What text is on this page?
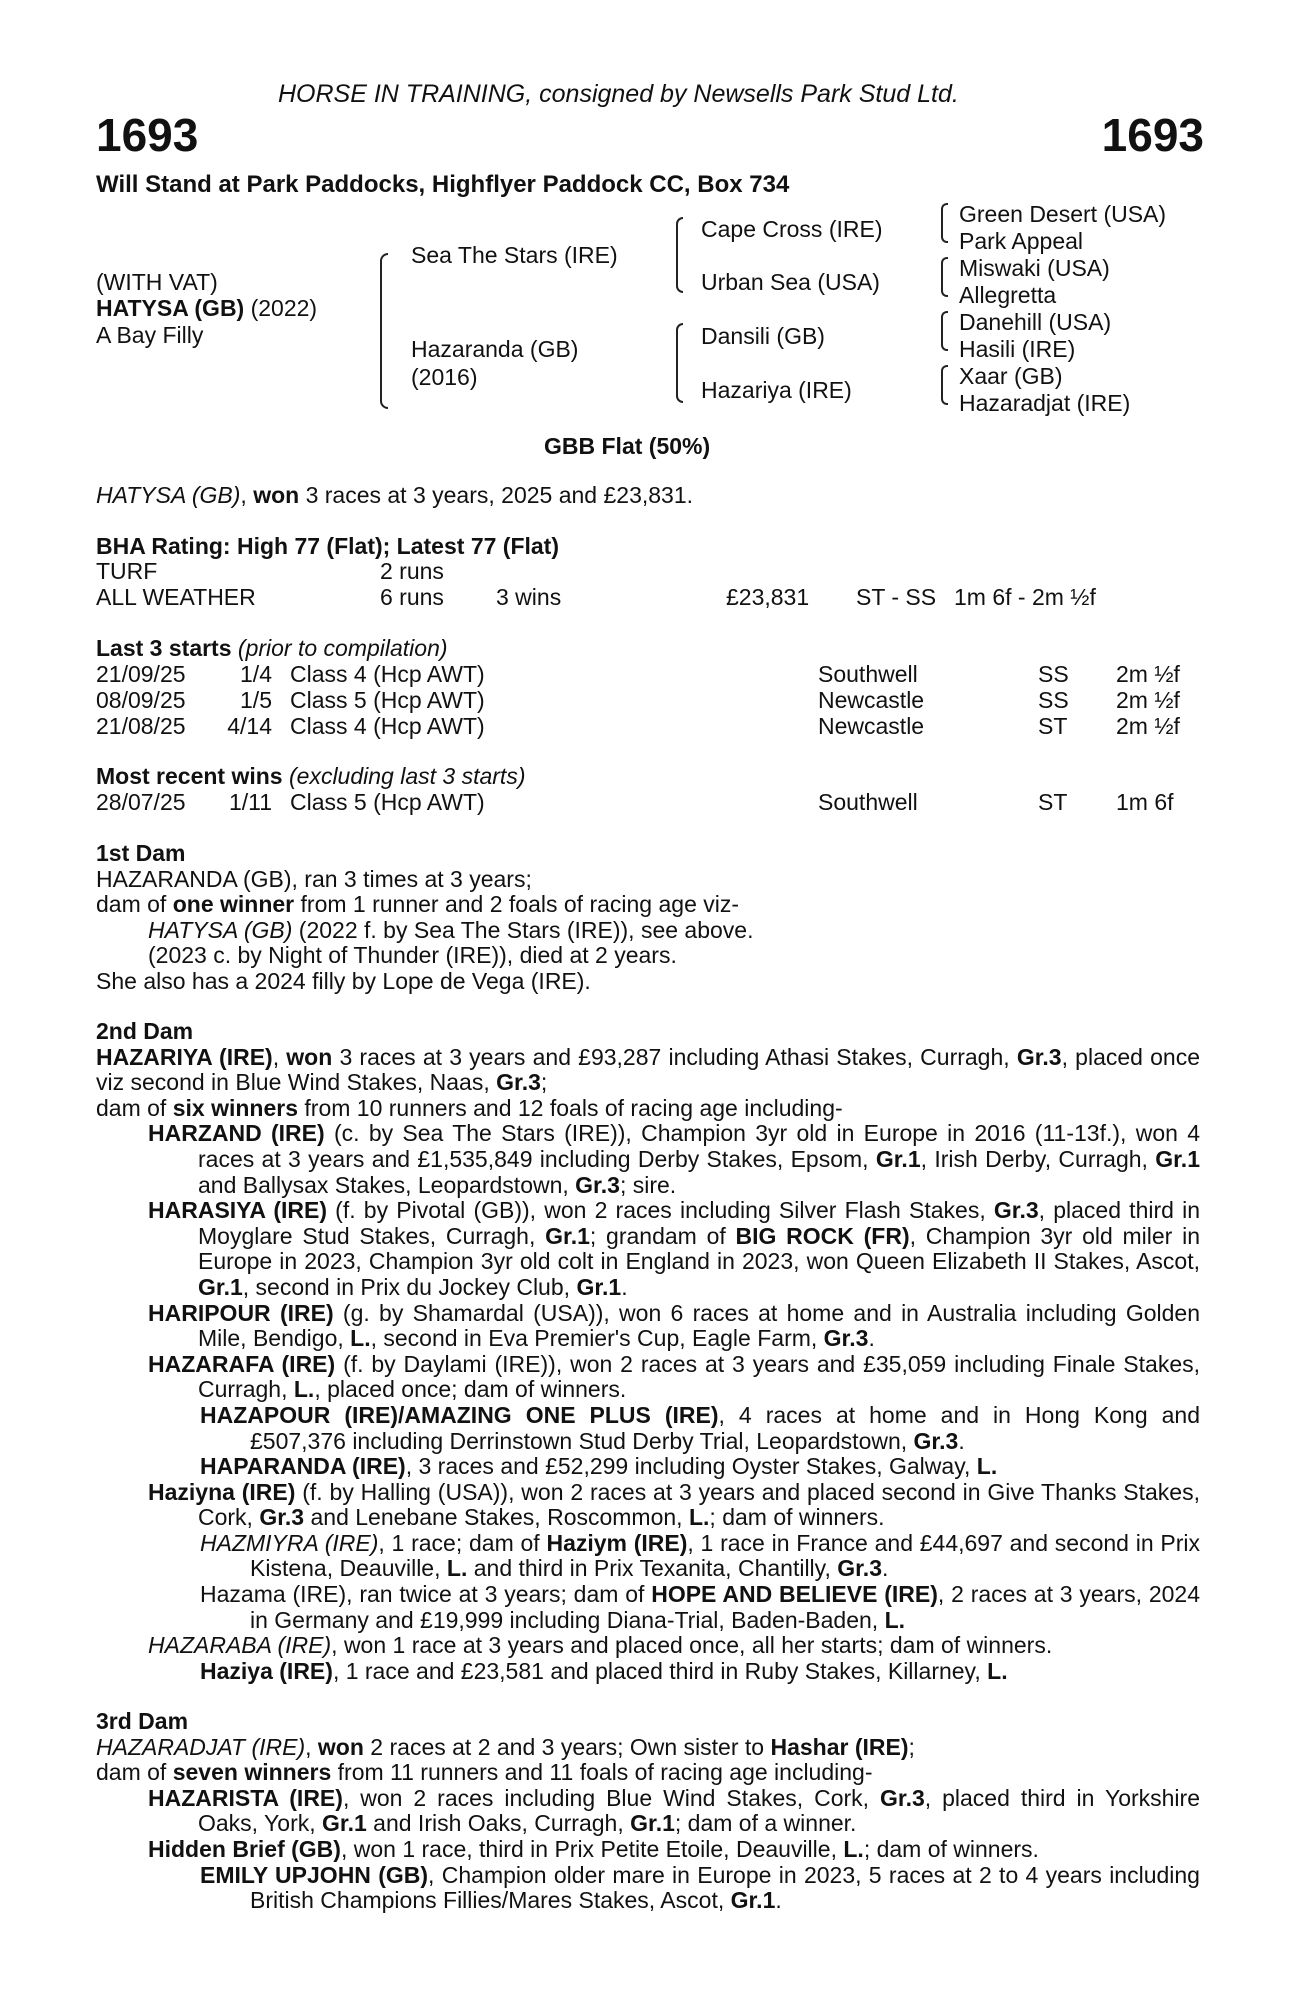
HORSE IN TRAINING, consigned by Newsells Park Stud Ltd.
1693	1693
Will Stand at Park Paddocks, Highflyer Paddock CC, Box 734
(WITH VAT)
HATYSA (GB) (2022)
A Bay Filly
Sea The Stars (IRE)
Hazaranda (GB)
(2016)
Cape Cross (IRE)
Urban Sea (USA)
Dansili (GB)
Hazariya (IRE)
Green Desert (USA)
Park Appeal
Miswaki (USA)
Allegretta
Danehill (USA)
Hasili (IRE)
Xaar (GB)
Hazaradjat (IRE)
GBB Flat (50%)
HATYSA (GB), won 3 races at 3 years, 2025 and £23,831.
BHA Rating: High 77 (Flat); Latest 77 (Flat)
TURF	2 runs
ALL WEATHER	6 runs 3 wins	£23,831 ST - SS 1m 6f - 2m ½f
Last 3 starts (prior to compilation)
21/09/25	1/4 Class 4 (Hcp AWT)	Southwell	SS 2m ½f
08/09/25	1/5 Class 5 (Hcp AWT)	Newcastle	SS 2m ½f
21/08/25 4/14 Class 4 (Hcp AWT)	Newcastle	ST 2m ½f
Most recent wins (excluding last 3 starts)
28/07/25	1/11 Class 5 (Hcp AWT)	Southwell	ST 1m 6f

1st Dam

HAZARANDA (GB), ran 3 times at 3 years;

dam of one winner from 1 runner and 2 foals of racing age viz-

HATYSA (GB) (2022 f. by Sea The Stars (IRE)), see above.

(2023 c. by Night of Thunder (IRE)), died at 2 years.

She also has a 2024 filly by Lope de Vega (IRE).

2nd Dam

HAZARIYA (IRE), won 3 races at 3 years and £93,287 including Athasi Stakes, Curragh, Gr.3, placed once viz second in Blue Wind Stakes, Naas, Gr.3;

dam of six winners from 10 runners and 12 foals of racing age including-

HARZAND (IRE) (c. by Sea The Stars (IRE)), Champion 3yr old in Europe in 2016 (11-13f.), won 4 races at 3 years and £1,535,849 including Derby Stakes, Epsom, Gr.1, Irish Derby, Curragh, Gr.1 and Ballysax Stakes, Leopardstown, Gr.3; sire.

HARASIYA (IRE) (f. by Pivotal (GB)), won 2 races including Silver Flash Stakes, Gr.3, placed third in Moyglare Stud Stakes, Curragh, Gr.1; grandam of BIG ROCK (FR), Champion 3yr old miler in Europe in 2023, Champion 3yr old colt in England in 2023, won Queen Elizabeth II Stakes, Ascot, Gr.1, second in Prix du Jockey Club, Gr.1.

HARIPOUR (IRE) (g. by Shamardal (USA)), won 6 races at home and in Australia including Golden Mile, Bendigo, L., second in Eva Premier's Cup, Eagle Farm, Gr.3.

HAZARAFA (IRE) (f. by Daylami (IRE)), won 2 races at 3 years and £35,059 including Finale Stakes, Curragh, L., placed once; dam of winners.

HAZAPOUR (IRE)/AMAZING ONE PLUS (IRE), 4 races at home and in Hong Kong and £507,376 including Derrinstown Stud Derby Trial, Leopardstown, Gr.3.

HAPARANDA (IRE), 3 races and £52,299 including Oyster Stakes, Galway, L.

Haziyna (IRE) (f. by Halling (USA)), won 2 races at 3 years and placed second in Give Thanks Stakes, Cork, Gr.3 and Lenebane Stakes, Roscommon, L.; dam of winners.

HAZMIYRA (IRE), 1 race; dam of Haziym (IRE), 1 race in France and £44,697 and second in Prix Kistena, Deauville, L. and third in Prix Texanita, Chantilly, Gr.3.

Hazama (IRE), ran twice at 3 years; dam of HOPE AND BELIEVE (IRE), 2 races at 3 years, 2024 in Germany and £19,999 including Diana-Trial, Baden-Baden, L.

HAZARABA (IRE), won 1 race at 3 years and placed once, all her starts; dam of winners.

Haziya (IRE), 1 race and £23,581 and placed third in Ruby Stakes, Killarney, L.

3rd Dam

HAZARADJAT (IRE), won 2 races at 2 and 3 years; Own sister to Hashar (IRE);

dam of seven winners from 11 runners and 11 foals of racing age including-

HAZARISTA (IRE), won 2 races including Blue Wind Stakes, Cork, Gr.3, placed third in Yorkshire Oaks, York, Gr.1 and Irish Oaks, Curragh, Gr.1; dam of a winner.

Hidden Brief (GB), won 1 race, third in Prix Petite Etoile, Deauville, L.; dam of winners.

EMILY UPJOHN (GB), Champion older mare in Europe in 2023, 5 races at 2 to 4 years including British Champions Fillies/Mares Stakes, Ascot, Gr.1.
